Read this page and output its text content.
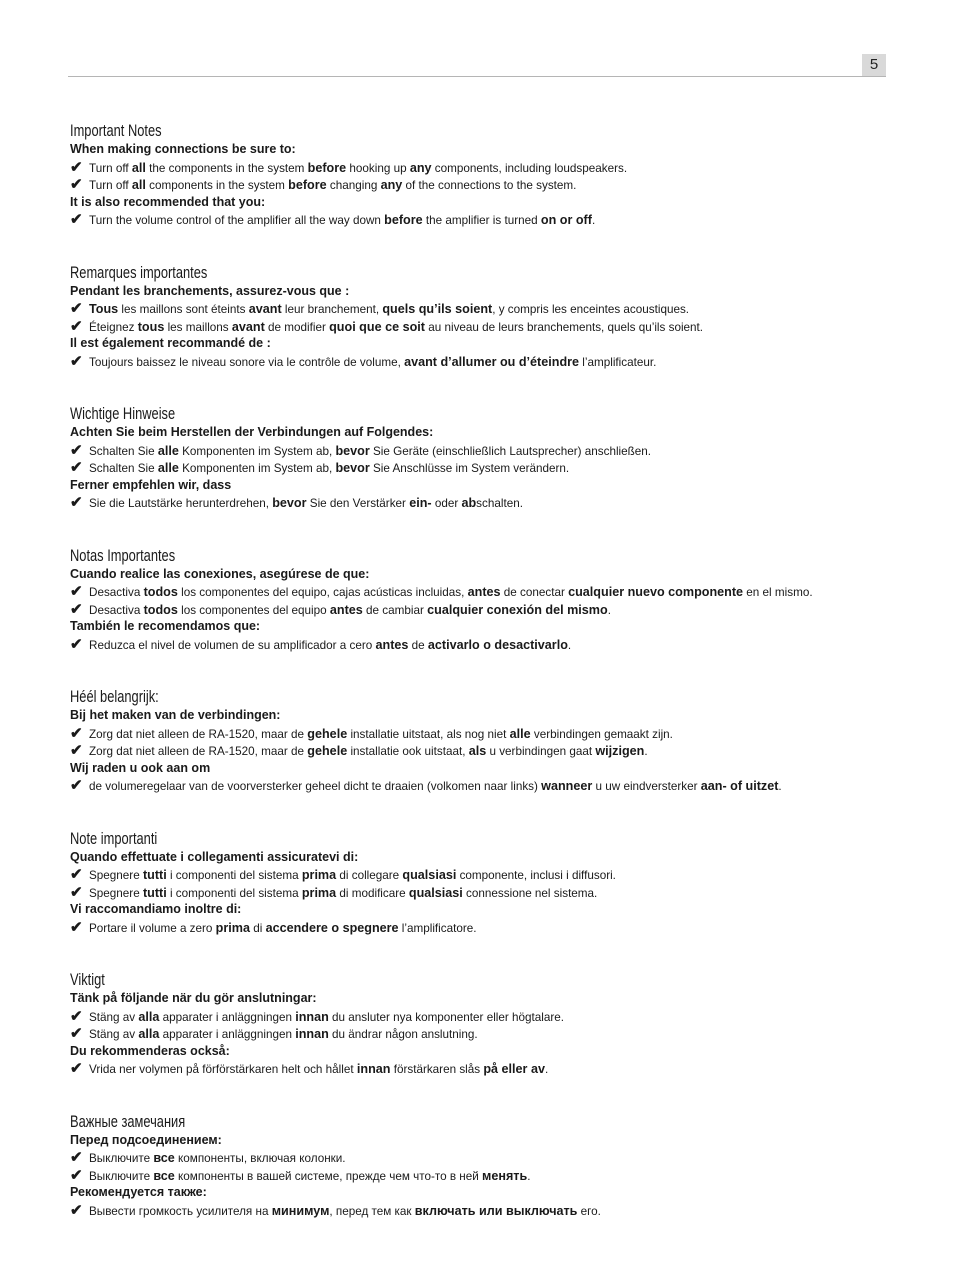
5
Important Notes
When making connections be sure to:
✔ Turn off all the components in the system before hooking up any components, including loudspeakers.
✔ Turn off all components in the system before changing any of the connections to the system.
It is also recommended that you:
✔ Turn the volume control of the amplifier all the way down before the amplifier is turned on or off.
Remarques importantes
Pendant les branchements, assurez-vous que :
✔ Tous les maillons sont éteints avant leur branchement, quels qu’ils soient, y compris les enceintes acoustiques.
✔ Éteignez tous les maillons avant de modifier quoi que ce soit au niveau de leurs branchements, quels qu’ils soient.
Il est également recommandé de :
✔ Toujours baissez le niveau sonore via le contrôle de volume, avant d’allumer ou d’éteindre l’amplificateur.
Wichtige Hinweise
Achten Sie beim Herstellen der Verbindungen auf Folgendes:
✔ Schalten Sie alle Komponenten im System ab, bevor Sie Geräte (einschließlich Lautsprecher) anschließen.
✔ Schalten Sie alle Komponenten im System ab, bevor Sie Anschlüsse im System verändern.
Ferner empfehlen wir, dass
✔ Sie die Lautstärke herunterdrehen, bevor Sie den Verstärker ein- oder abschalten.
Notas Importantes
Cuando realice las conexiones, asegúrese de que:
✔ Desactiva todos los componentes del equipo, cajas acústicas incluidas, antes de conectar cualquier nuevo componente en el mismo.
✔ Desactiva todos los componentes del equipo antes de cambiar cualquier conexión del mismo.
También le recomendamos que:
✔ Reduzca el nivel de volumen de su amplificador a cero antes de activarlo o desactivarlo.
Héél belangrijk:
Bij het maken van de verbindingen:
✔ Zorg dat niet alleen de RA-1520, maar de gehele installatie uitstaat, als nog niet alle verbindingen gemaakt zijn.
✔ Zorg dat niet alleen de RA-1520, maar de gehele installatie ook uitstaat, als u verbindingen gaat wijzigen.
Wij raden u ook aan om
✔ de volumeregelaar van de voorversterker geheel dicht te draaien (volkomen naar links) wanneer u uw eindversterker aan- of uitzet.
Note importanti
Quando effettuate i collegamenti assicuratevi di:
✔ Spegnere tutti i componenti del sistema prima di collegare qualsiasi componente, inclusi i diffusori.
✔ Spegnere tutti i componenti del sistema prima di modificare qualsiasi connessione nel sistema.
Vi raccomandiamo inoltre di:
✔ Portare il volume a zero prima di accendere o spegnere l’amplificatore.
Viktigt
Tänk på följande när du gör anslutningar:
✔ Stäng av alla apparater i anläggningen innan du ansluter nya komponenter eller högtalare.
✔ Stäng av alla apparater i anläggningen innan du ändrar någon anslutning.
Du rekommenderas också:
✔ Vrida ner volymen på förförstärkaren helt och hållet innan förstärkaren slås på eller av.
Важные замечания
Перед подсоединением:
✔ Выключите все компоненты, включая колонки.
✔ Выключите все компоненты в вашей системе, прежде чем что-то в ней менять.
Рекомендуется также:
✔ Вывести громкость усилителя на минимум, перед тем как включать или выключать его.
